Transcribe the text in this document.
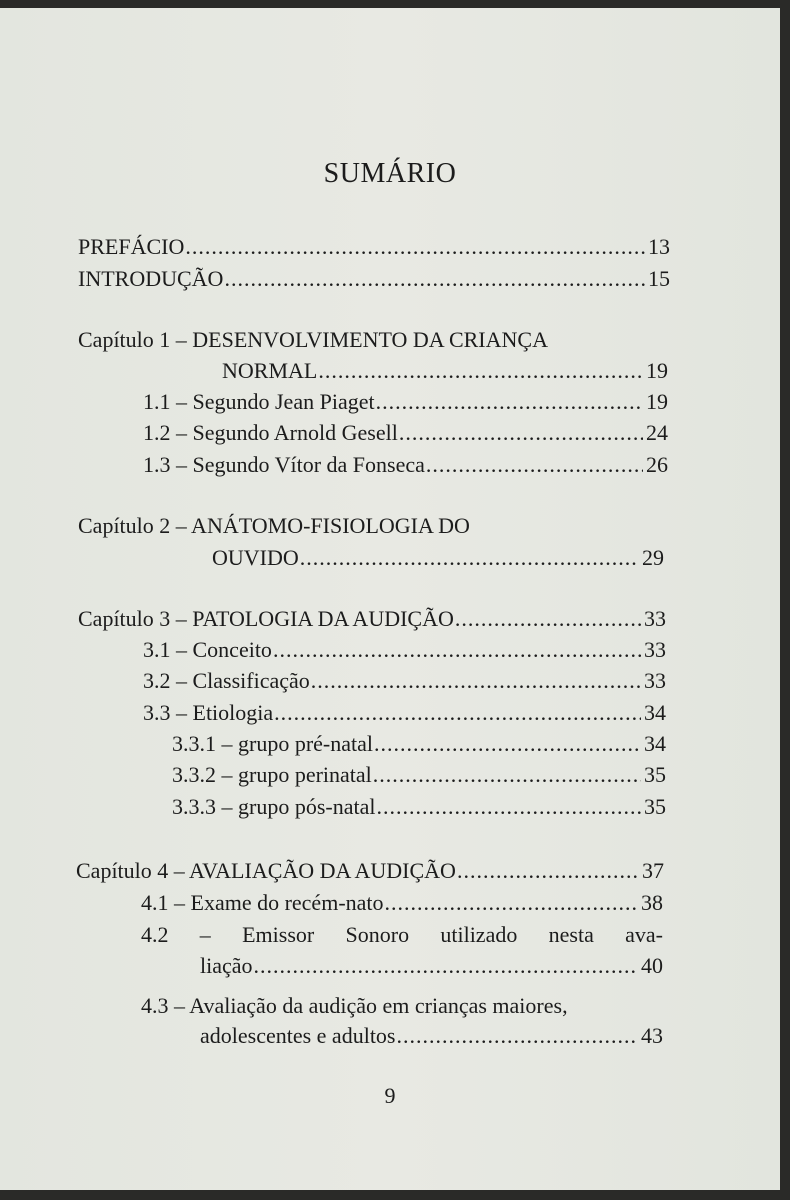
SUMÁRIO
PREFÁCIO .....	13
INTRODUÇÃO .....	15
Capítulo 1 – DESENVOLVIMENTO DA CRIANÇA
NORMAL .....	19
1.1 – Segundo Jean Piaget .....	19
1.2 – Segundo Arnold Gesell .....	24
1.3 – Segundo Vítor da Fonseca .....	26
Capítulo 2 – ANÁTOMO-FISIOLOGIA DO
OUVIDO .....	29
Capítulo 3 – PATOLOGIA DA AUDIÇÃO .....	33
3.1 – Conceito .....	33
3.2 – Classificação .....	33
3.3 – Etiologia .....	34
3.3.1 – grupo pré-natal .....	34
3.3.2 – grupo perinatal .....	35
3.3.3 – grupo pós-natal .....	35
Capítulo 4 – AVALIAÇÃO DA AUDIÇÃO .....	37
4.1 – Exame do recém-nato .....	38
4.2 – Emissor Sonoro utilizado nesta ava-
liação .....	40
4.3 – Avaliação da audição em crianças maiores,
adolescentes e adultos .....	43
9
